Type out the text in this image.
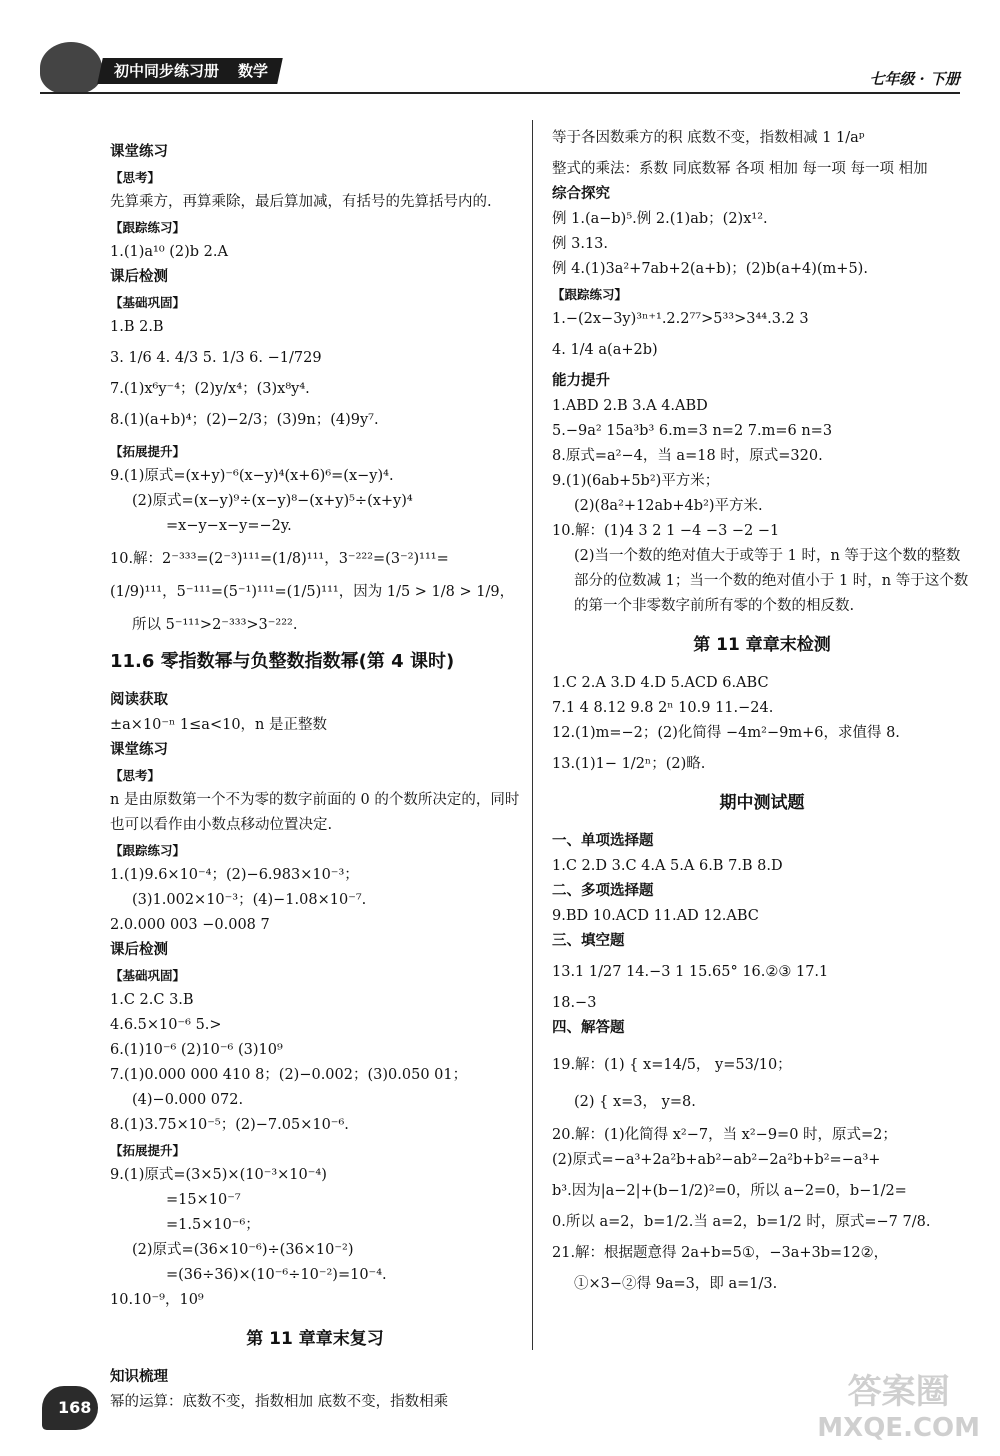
初中同步练习册 数学	七年级 · 下册
课堂练习
【思考】
先算乘方，再算乘除，最后算加减，有括号的先算括号内的.
【跟踪练习】
1.(1)a¹⁰ (2)b 2.A
课后检测
【基础巩固】
1.B 2.B
3. 1/6 4. 4/3 5. 1/3 6. −1/729
7.(1)x⁶y⁻⁴；(2)y/x⁴；(3)x⁸y⁴.
8.(1)(a+b)⁴；(2)−2/3；(3)9n；(4)9y⁷.
【拓展提升】
9.(1)原式=(x+y)⁻⁶(x−y)⁴(x+6)⁶=(x−y)⁴.
(2)原式=(x−y)⁹÷(x−y)⁸−(x+y)⁵÷(x+y)⁴
=x−y−x−y=−2y.
10.解：2⁻³³³=(2⁻³)¹¹¹=(1/8)¹¹¹，3⁻²²²=(3⁻²)¹¹¹=
(1/9)¹¹¹，5⁻¹¹¹=(5⁻¹)¹¹¹=(1/5)¹¹¹，因为 1/5 > 1/8 > 1/9，
所以 5⁻¹¹¹>2⁻³³³>3⁻²²².
11.6 零指数幂与负整数指数幂(第 4 课时)
阅读获取
±a×10⁻ⁿ 1≤a<10，n 是正整数
课堂练习
【思考】
n 是由原数第一个不为零的数字前面的 0 的个数所决定的，同时也可以看作由小数点移动位置决定.
【跟踪练习】
1.(1)9.6×10⁻⁴；(2)−6.983×10⁻³；
(3)1.002×10⁻³；(4)−1.08×10⁻⁷.
2.0.000 003 −0.008 7
课后检测
【基础巩固】
1.C 2.C 3.B
4.6.5×10⁻⁶ 5.>
6.(1)10⁻⁶ (2)10⁻⁶ (3)10⁹
7.(1)0.000 000 410 8；(2)−0.002；(3)0.050 01；
(4)−0.000 072.
8.(1)3.75×10⁻⁵；(2)−7.05×10⁻⁶.
【拓展提升】
9.(1)原式=(3×5)×(10⁻³×10⁻⁴)
=15×10⁻⁷
=1.5×10⁻⁶；
(2)原式=(36×10⁻⁶)÷(36×10⁻²)
=(36÷36)×(10⁻⁶÷10⁻²)=10⁻⁴.
10.10⁻⁹，10⁹
第 11 章章末复习
知识梳理
幂的运算：底数不变，指数相加 底数不变，指数相乘
等于各因数乘方的积 底数不变，指数相减 1 1/aᵖ
整式的乘法：系数 同底数幂 各项 相加 每一项 每一项 相加
综合探究
例 1.(a−b)⁵.例 2.(1)ab；(2)x¹².
例 3.13.
例 4.(1)3a²+7ab+2(a+b)；(2)b(a+4)(m+5).
【跟踪练习】
1.−(2x−3y)³ⁿ⁺¹.2.2⁷⁷>5³³>3⁴⁴.3.2 3
4. 1/4 a(a+2b)
能力提升
1.ABD 2.B 3.A 4.ABD
5.−9a² 15a³b³ 6.m=3 n=2 7.m=6 n=3
8.原式=a²−4，当 a=18 时，原式=320.
9.(1)(6ab+5b²)平方米；
(2)(8a²+12ab+4b²)平方米.
10.解：(1)4 3 2 1 −4 −3 −2 −1
(2)当一个数的绝对值大于或等于 1 时，n 等于这个数的整数部分的位数减 1；当一个数的绝对值小于 1 时，n 等于这个数的第一个非零数字前所有零的个数的相反数.
第 11 章章末检测
1.C 2.A 3.D 4.D 5.ACD 6.ABC
7.1 4 8.12 9.8 2ⁿ 10.9 11.−24.
12.(1)m=−2；(2)化简得 −4m²−9m+6，求值得 8.
13.(1)1− 1/2ⁿ；(2)略.
期中测试题
一、单项选择题
1.C 2.D 3.C 4.A 5.A 6.B 7.B 8.D
二、多项选择题
9.BD 10.ACD 11.AD 12.ABC
三、填空题
13.1 1/27 14.−3 1 15.65° 16.②③ 17.1
18.−3
四、解答题
19.解：(1) { x=14/5， y=53/10；
(2) { x=3， y=8.
20.解：(1)化简得 x²−7，当 x²−9=0 时，原式=2；
(2)原式=−a³+2a²b+ab²−ab²−2a²b+b²=−a³+
b³.因为|a−2|+(b−1/2)²=0，所以 a−2=0，b−1/2=
0.所以 a=2，b=1/2.当 a=2，b=1/2 时，原式=−7 7/8.
21.解：根据题意得 2a+b=5①，−3a+3b=12②，
①×3−②得 9a=3，即 a=1/3.
168	答案圈
MXQE.COM
